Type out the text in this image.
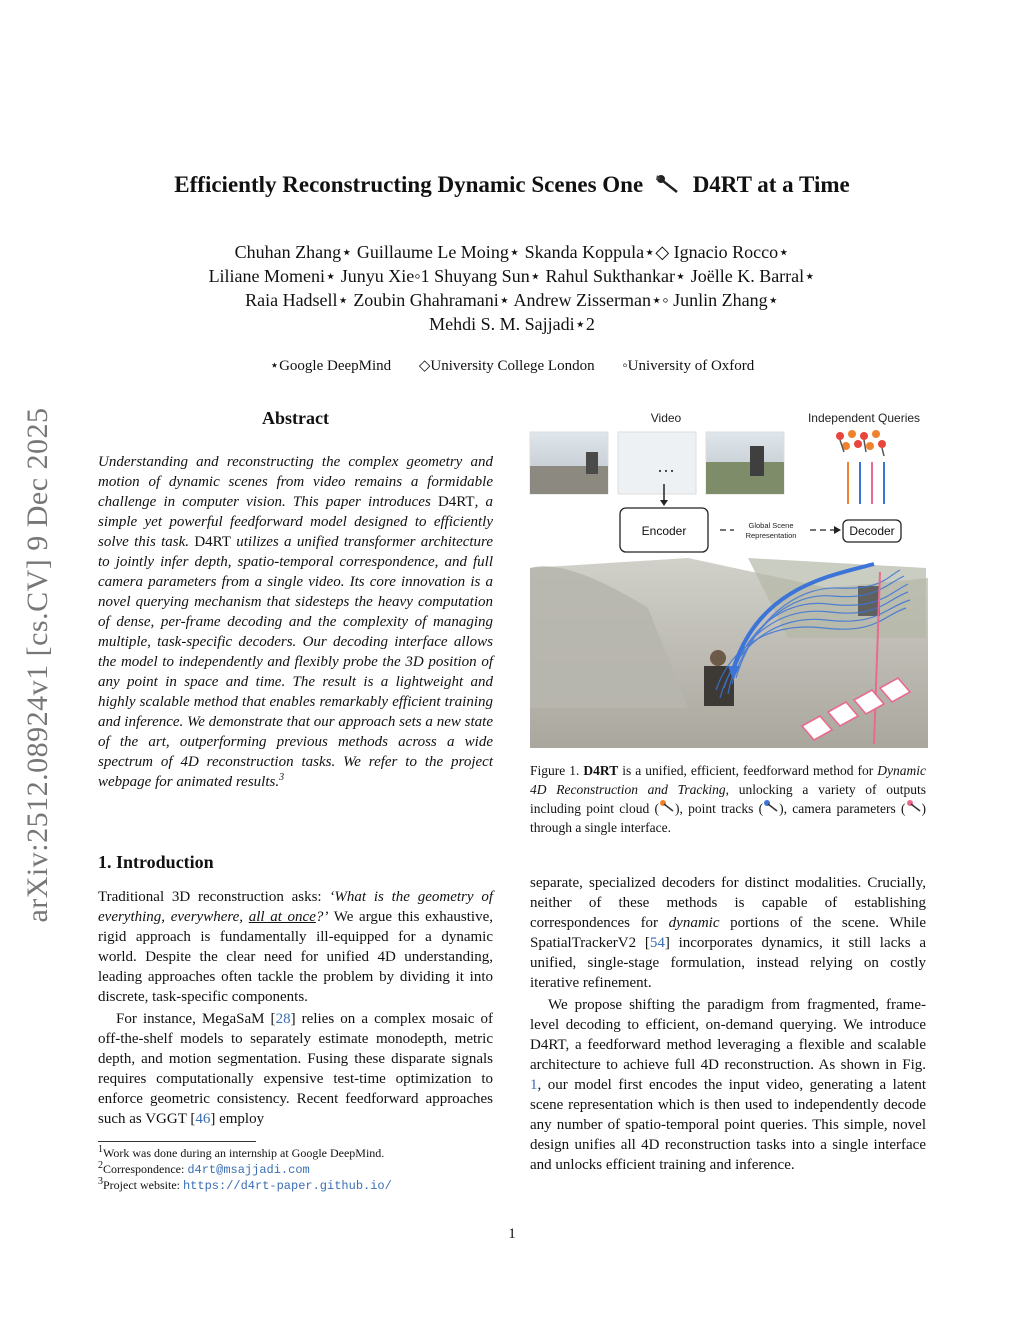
arXiv:2512.08924v1 [cs.CV] 9 Dec 2025
Efficiently Reconstructing Dynamic Scenes One D4RT at a Time
Chuhan Zhang⋆ Guillaume Le Moing⋆ Skanda Koppula⋆◇ Ignacio Rocco⋆
Liliane Momeni⋆ Junyu Xie◦1 Shuyang Sun⋆ Rahul Sukthankar⋆ Joëlle K. Barral⋆
Raia Hadsell⋆ Zoubin Ghahramani⋆ Andrew Zisserman⋆◦ Junlin Zhang⋆
Mehdi S. M. Sajjadi⋆2
⋆Google DeepMind ◇University College London ◦University of Oxford
Abstract
Understanding and reconstructing the complex geometry and motion of dynamic scenes from video remains a formidable challenge in computer vision. This paper introduces D4RT, a simple yet powerful feedforward model designed to efficiently solve this task. D4RT utilizes a unified transformer architecture to jointly infer depth, spatio-temporal correspondence, and full camera parameters from a single video. Its core innovation is a novel querying mechanism that sidesteps the heavy computation of dense, per-frame decoding and the complexity of managing multiple, task-specific decoders. Our decoding interface allows the model to independently and flexibly probe the 3D position of any point in space and time. The result is a lightweight and highly scalable method that enables remarkably efficient training and inference. We demonstrate that our approach sets a new state of the art, outperforming previous methods across a wide spectrum of 4D reconstruction tasks. We refer to the project webpage for animated results.$^3$
1. Introduction

Traditional 3D reconstruction asks: ‘What is the geometry of everything, everywhere, all at once?’ We argue this exhaustive, rigid approach is fundamentally ill-equipped for a dynamic world. Despite the clear need for unified 4D understanding, leading approaches often tackle the problem by dividing it into discrete, task-specific components.

For instance, MegaSaM [28] relies on a complex mosaic of off-the-shelf models to separately estimate monodepth, metric depth, and motion segmentation. Fusing these disparate signals requires computationally expensive test-time optimization to enforce geometric consistency. Recent feedforward approaches such as VGGT [46] employ

$^1$Work was done during an internship at Google DeepMind.
$^2$Correspondence: d4rt@msajjadi.com
$^3$Project website: https://d4rt-paper.github.io/
Video	Independent Queries
…
Encoder	Global Scene
Representation	Decoder
Figure 1. D4RT is a unified, efficient, feedforward method for Dynamic 4D Reconstruction and Tracking, unlocking a variety of outputs including point cloud ( ), point tracks ( ), camera parameters ( ) through a single interface.

separate, specialized decoders for distinct modalities. Crucially, neither of these methods is capable of establishing correspondences for dynamic portions of the scene. While SpatialTrackerV2 [54] incorporates dynamics, it still lacks a unified, single-stage formulation, instead relying on costly iterative refinement.

We propose shifting the paradigm from fragmented, frame-level decoding to efficient, on-demand querying. We introduce D4RT, a feedforward method leveraging a flexible and scalable architecture to achieve full 4D reconstruction. As shown in Fig. 1, our model first encodes the input video, generating a latent scene representation which is then used to independently decode any number of spatio-temporal point queries. This simple, novel design unifies all 4D reconstruction tasks into a single interface and unlocks efficient training and inference.

1
